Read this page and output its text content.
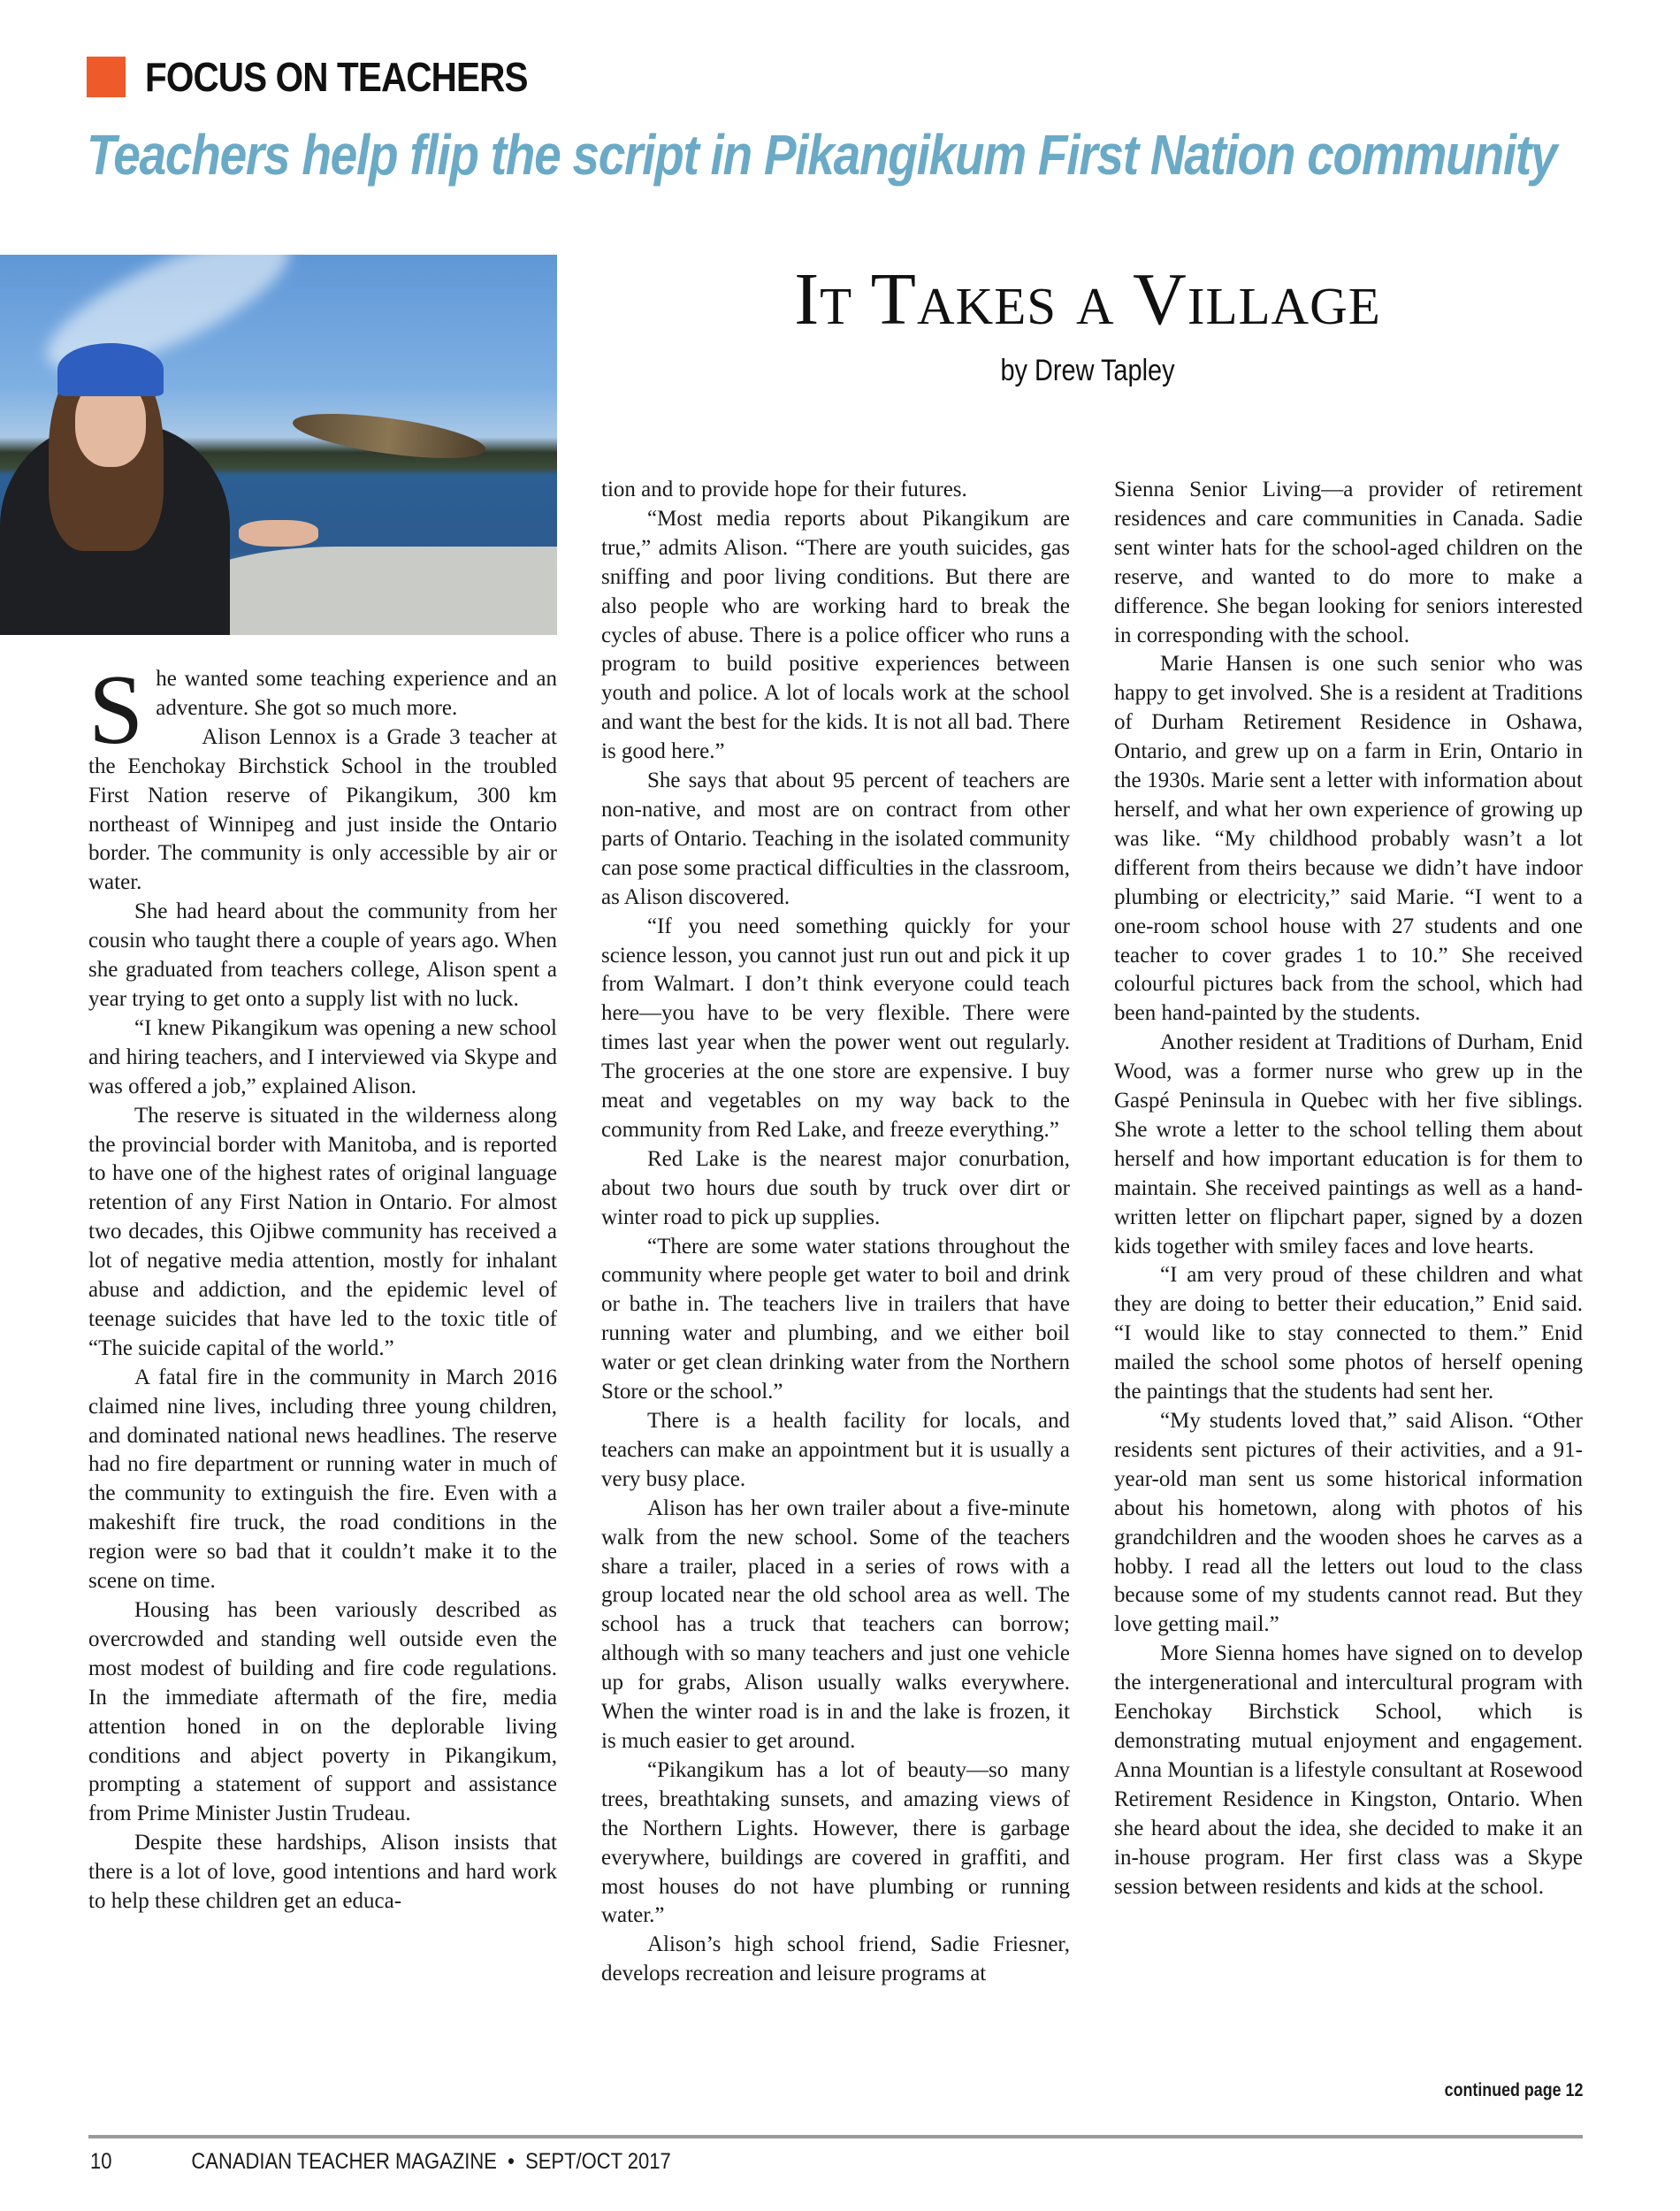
FOCUS ON TEACHERS
Teachers help flip the script in Pikangikum First Nation community
It Takes a Village
by Drew Tapley

She wanted some teaching experience and an adventure. She got so much more.

Alison Lennox is a Grade 3 teacher at the Eenchokay Birchstick School in the troubled First Nation reserve of Pikangikum, 300 km northeast of Winnipeg and just inside the Ontario border. The community is only accessible by air or water.

She had heard about the community from her cousin who taught there a couple of years ago. When she graduated from teachers college, Alison spent a year trying to get onto a supply list with no luck.

“I knew Pikangikum was opening a new school and hiring teachers, and I interviewed via Skype and was offered a job,” explained Alison.

The reserve is situated in the wilderness along the provincial border with Manitoba, and is reported to have one of the highest rates of original language retention of any First Nation in Ontario. For almost two decades, this Ojibwe community has received a lot of negative media attention, mostly for inhalant abuse and addiction, and the epidemic level of teenage suicides that have led to the toxic title of “The suicide capital of the world.”

A fatal fire in the community in March 2016 claimed nine lives, including three young children, and dominated national news headlines. The reserve had no fire department or running water in much of the community to extinguish the fire. Even with a makeshift fire truck, the road conditions in the region were so bad that it couldn’t make it to the scene on time.

Housing has been variously described as overcrowded and standing well outside even the most modest of building and fire code regulations. In the immediate aftermath of the fire, media attention honed in on the deplorable living conditions and abject poverty in Pikangikum, prompting a statement of support and assistance from Prime Minister Justin Trudeau.

Despite these hardships, Alison insists that there is a lot of love, good intentions and hard work to help these children get an educa-

tion and to provide hope for their futures.

“Most media reports about Pikangikum are true,” admits Alison. “There are youth suicides, gas sniffing and poor living conditions. But there are also people who are working hard to break the cycles of abuse. There is a police officer who runs a program to build positive experiences between youth and police. A lot of locals work at the school and want the best for the kids. It is not all bad. There is good here.”

She says that about 95 percent of teachers are non-native, and most are on contract from other parts of Ontario. Teaching in the isolated community can pose some practical difficulties in the classroom, as Alison discovered.

“If you need something quickly for your science lesson, you cannot just run out and pick it up from Walmart. I don’t think everyone could teach here—you have to be very flexible. There were times last year when the power went out regularly. The groceries at the one store are expensive. I buy meat and vegetables on my way back to the community from Red Lake, and freeze everything.”

Red Lake is the nearest major conurbation, about two hours due south by truck over dirt or winter road to pick up supplies.

“There are some water stations throughout the community where people get water to boil and drink or bathe in. The teachers live in trailers that have running water and plumbing, and we either boil water or get clean drinking water from the Northern Store or the school.”

There is a health facility for locals, and teachers can make an appointment but it is usually a very busy place.

Alison has her own trailer about a five-minute walk from the new school. Some of the teachers share a trailer, placed in a series of rows with a group located near the old school area as well. The school has a truck that teachers can borrow; although with so many teachers and just one vehicle up for grabs, Alison usually walks everywhere. When the winter road is in and the lake is frozen, it is much easier to get around.

“Pikangikum has a lot of beauty—so many trees, breathtaking sunsets, and amazing views of the Northern Lights. However, there is garbage everywhere, buildings are covered in graffiti, and most houses do not have plumbing or running water.”

Alison’s high school friend, Sadie Friesner, develops recreation and leisure programs at

Sienna Senior Living—a provider of retirement residences and care communities in Canada. Sadie sent winter hats for the school-aged children on the reserve, and wanted to do more to make a difference. She began looking for seniors interested in corresponding with the school.

Marie Hansen is one such senior who was happy to get involved. She is a resident at Traditions of Durham Retirement Residence in Oshawa, Ontario, and grew up on a farm in Erin, Ontario in the 1930s. Marie sent a letter with information about herself, and what her own experience of growing up was like. “My childhood probably wasn’t a lot different from theirs because we didn’t have indoor plumbing or electricity,” said Marie. “I went to a one-room school house with 27 students and one teacher to cover grades 1 to 10.” She received colourful pictures back from the school, which had been hand-painted by the students.

Another resident at Traditions of Durham, Enid Wood, was a former nurse who grew up in the Gaspé Peninsula in Quebec with her five siblings. She wrote a letter to the school telling them about herself and how important education is for them to maintain. She received paintings as well as a hand-written letter on flipchart paper, signed by a dozen kids together with smiley faces and love hearts.

“I am very proud of these children and what they are doing to better their education,” Enid said. “I would like to stay connected to them.” Enid mailed the school some photos of herself opening the paintings that the students had sent her.

“My students loved that,” said Alison. “Other residents sent pictures of their activities, and a 91-year-old man sent us some historical information about his hometown, along with photos of his grandchildren and the wooden shoes he carves as a hobby. I read all the letters out loud to the class because some of my students cannot read. But they love getting mail.”

More Sienna homes have signed on to develop the intergenerational and intercultural program with Eenchokay Birchstick School, which is demonstrating mutual enjoyment and engagement. Anna Mountian is a lifestyle consultant at Rosewood Retirement Residence in Kingston, Ontario. When she heard about the idea, she decided to make it an in-house program. Her first class was a Skype session between residents and kids at the school.

continued page 12
10	CANADIAN TEACHER MAGAZINE  •  SEPT/OCT 2017
